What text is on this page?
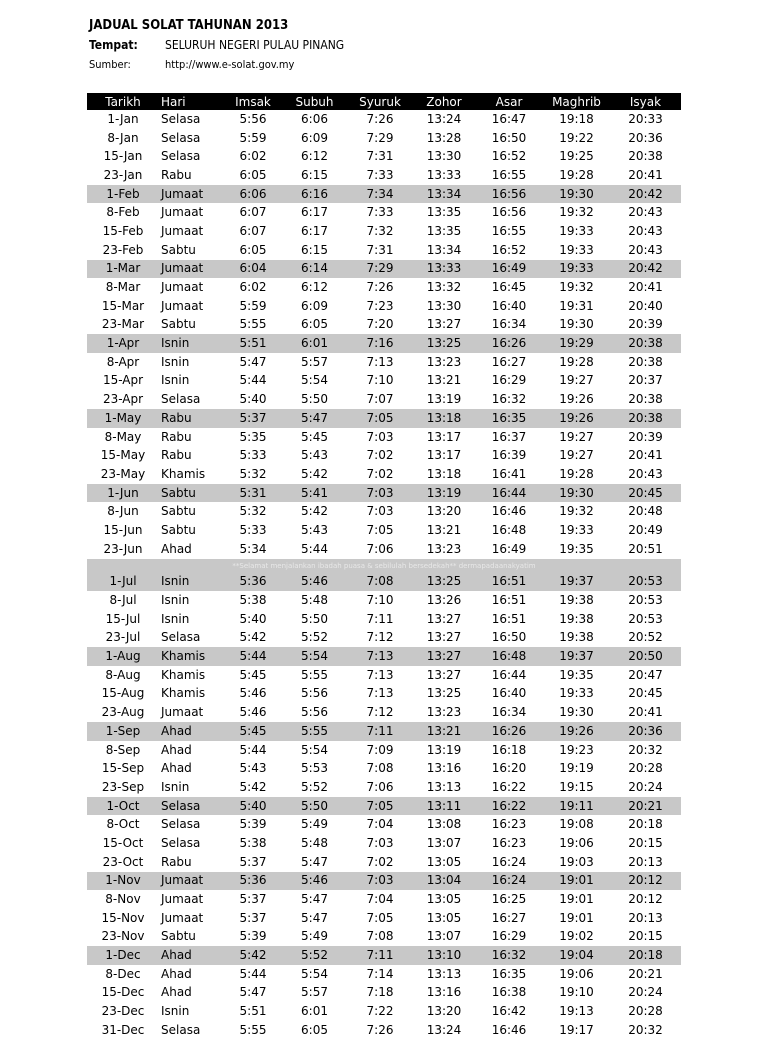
JADUAL SOLAT TAHUNAN 2013
Tempat: SELURUH NEGERI PULAU PINANG
Sumber:	http://www.e-solat.gov.my
Tarikh	Hari	Imsak	Subuh	Syuruk	Zohor	Asar	Maghrib	Isyak
1-Jan	Selasa	5:56	6:06	7:26	13:24	16:47	19:18	20:33
8-Jan	Selasa	5:59	6:09	7:29	13:28	16:50	19:22	20:36
15-Jan	Selasa	6:02	6:12	7:31	13:30	16:52	19:25	20:38
23-Jan	Rabu	6:05	6:15	7:33	13:33	16:55	19:28	20:41
1-Feb	Jumaat	6:06	6:16	7:34	13:34	16:56	19:30	20:42
8-Feb	Jumaat	6:07	6:17	7:33	13:35	16:56	19:32	20:43
15-Feb	Jumaat	6:07	6:17	7:32	13:35	16:55	19:33	20:43
23-Feb	Sabtu	6:05	6:15	7:31	13:34	16:52	19:33	20:43
1-Mar	Jumaat	6:04	6:14	7:29	13:33	16:49	19:33	20:42
8-Mar	Jumaat	6:02	6:12	7:26	13:32	16:45	19:32	20:41
15-Mar	Jumaat	5:59	6:09	7:23	13:30	16:40	19:31	20:40
23-Mar	Sabtu	5:55	6:05	7:20	13:27	16:34	19:30	20:39
1-Apr	Isnin	5:51	6:01	7:16	13:25	16:26	19:29	20:38
8-Apr	Isnin	5:47	5:57	7:13	13:23	16:27	19:28	20:38
15-Apr	Isnin	5:44	5:54	7:10	13:21	16:29	19:27	20:37
23-Apr	Selasa	5:40	5:50	7:07	13:19	16:32	19:26	20:38
1-May	Rabu	5:37	5:47	7:05	13:18	16:35	19:26	20:38
8-May	Rabu	5:35	5:45	7:03	13:17	16:37	19:27	20:39
15-May	Rabu	5:33	5:43	7:02	13:17	16:39	19:27	20:41
23-May	Khamis	5:32	5:42	7:02	13:18	16:41	19:28	20:43
1-Jun	Sabtu	5:31	5:41	7:03	13:19	16:44	19:30	20:45
8-Jun	Sabtu	5:32	5:42	7:03	13:20	16:46	19:32	20:48
15-Jun	Sabtu	5:33	5:43	7:05	13:21	16:48	19:33	20:49
23-Jun	Ahad	5:34	5:44	7:06	13:23	16:49	19:35	20:51
**Selamat menjalankan ibadah puasa & sebilulah bersedekah** dermapadaanakyatim								
1-Jul	Isnin	5:36	5:46	7:08	13:25	16:51	19:37	20:53
8-Jul	Isnin	5:38	5:48	7:10	13:26	16:51	19:38	20:53
15-Jul	Isnin	5:40	5:50	7:11	13:27	16:51	19:38	20:53
23-Jul	Selasa	5:42	5:52	7:12	13:27	16:50	19:38	20:52
1-Aug	Khamis	5:44	5:54	7:13	13:27	16:48	19:37	20:50
8-Aug	Khamis	5:45	5:55	7:13	13:27	16:44	19:35	20:47
15-Aug	Khamis	5:46	5:56	7:13	13:25	16:40	19:33	20:45
23-Aug	Jumaat	5:46	5:56	7:12	13:23	16:34	19:30	20:41
1-Sep	Ahad	5:45	5:55	7:11	13:21	16:26	19:26	20:36
8-Sep	Ahad	5:44	5:54	7:09	13:19	16:18	19:23	20:32
15-Sep	Ahad	5:43	5:53	7:08	13:16	16:20	19:19	20:28
23-Sep	Isnin	5:42	5:52	7:06	13:13	16:22	19:15	20:24
1-Oct	Selasa	5:40	5:50	7:05	13:11	16:22	19:11	20:21
8-Oct	Selasa	5:39	5:49	7:04	13:08	16:23	19:08	20:18
15-Oct	Selasa	5:38	5:48	7:03	13:07	16:23	19:06	20:15
23-Oct	Rabu	5:37	5:47	7:02	13:05	16:24	19:03	20:13
1-Nov	Jumaat	5:36	5:46	7:03	13:04	16:24	19:01	20:12
8-Nov	Jumaat	5:37	5:47	7:04	13:05	16:25	19:01	20:12
15-Nov	Jumaat	5:37	5:47	7:05	13:05	16:27	19:01	20:13
23-Nov	Sabtu	5:39	5:49	7:08	13:07	16:29	19:02	20:15
1-Dec	Ahad	5:42	5:52	7:11	13:10	16:32	19:04	20:18
8-Dec	Ahad	5:44	5:54	7:14	13:13	16:35	19:06	20:21
15-Dec	Ahad	5:47	5:57	7:18	13:16	16:38	19:10	20:24
23-Dec	Isnin	5:51	6:01	7:22	13:20	16:42	19:13	20:28
31-Dec	Selasa	5:55	6:05	7:26	13:24	16:46	19:17	20:32
